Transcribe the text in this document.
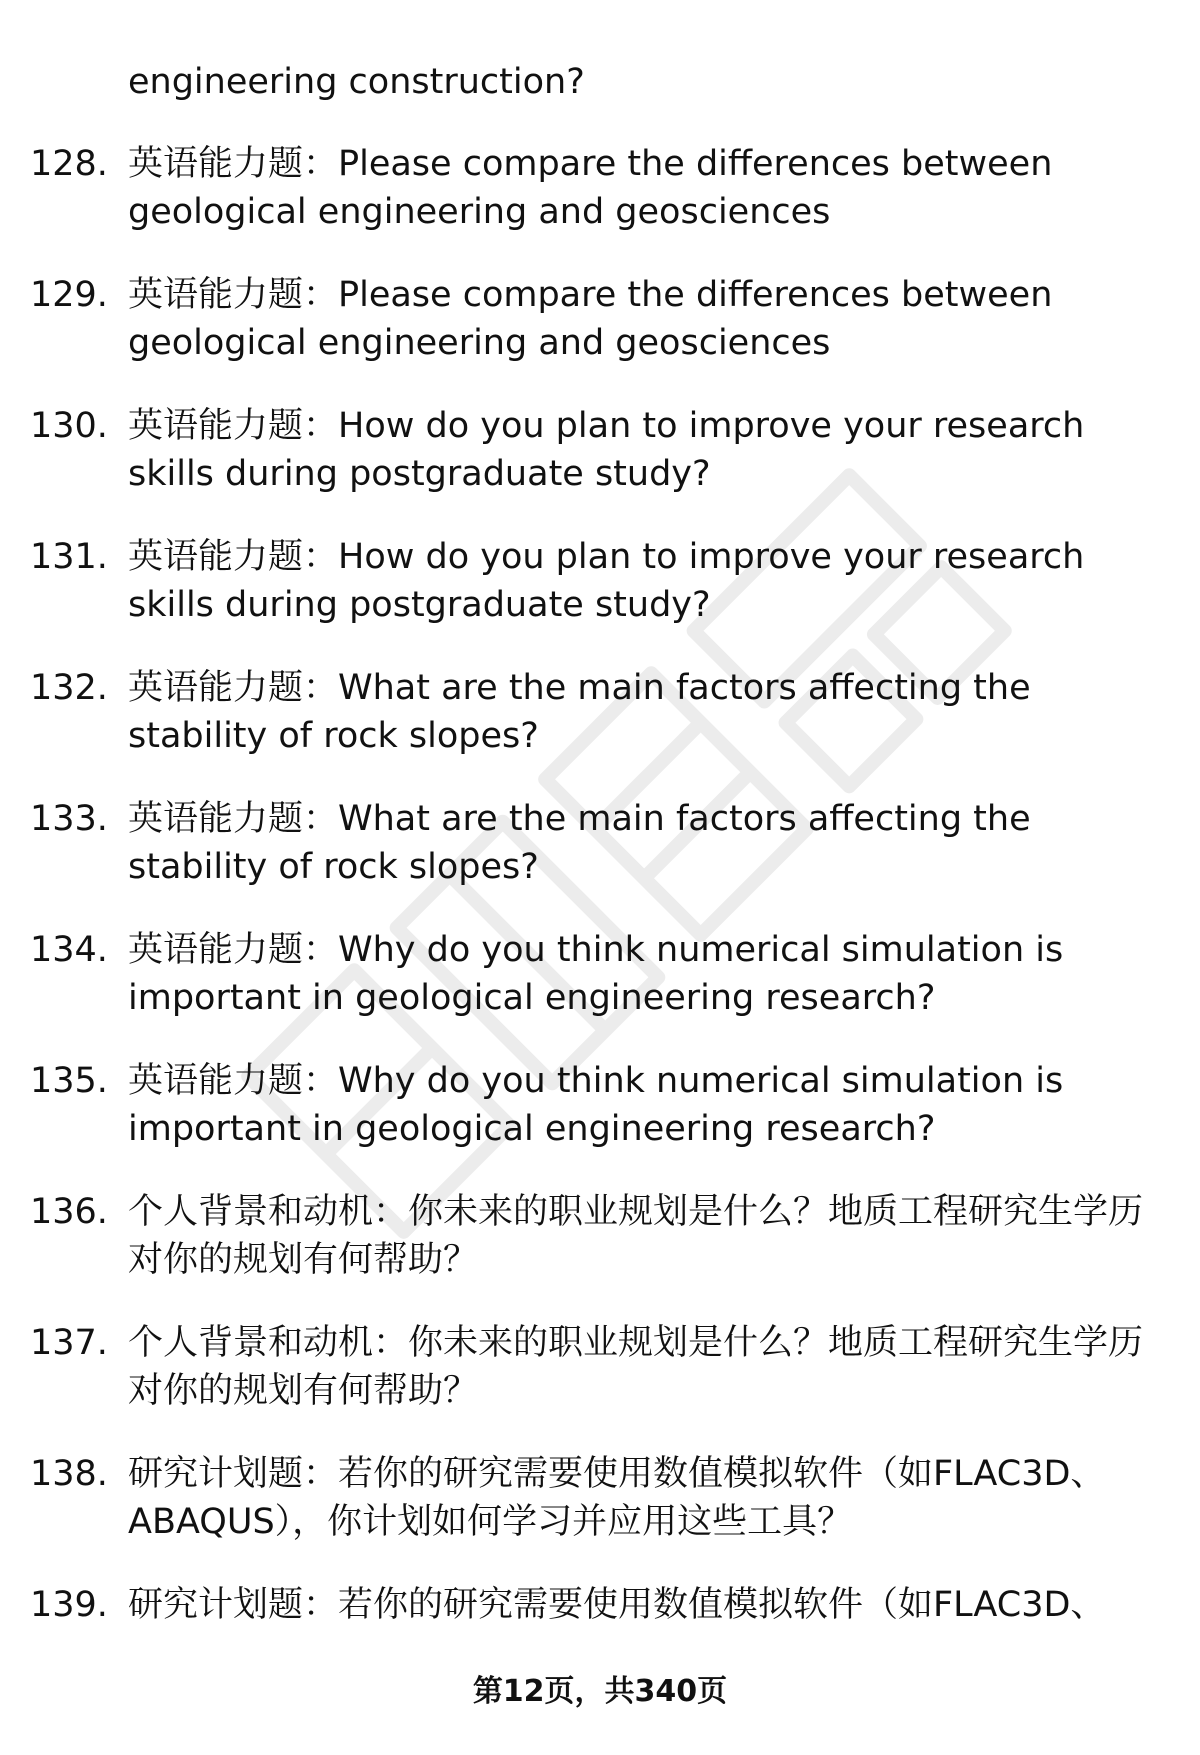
engineering construction?

128. 英语能力题：Please compare the differences between geological engineering and geosciences
129. 英语能力题：Please compare the differences between geological engineering and geosciences
130. 英语能力题：How do you plan to improve your research skills during postgraduate study?
131. 英语能力题：How do you plan to improve your research skills during postgraduate study?
132. 英语能力题：What are the main factors affecting the stability of rock slopes?
133. 英语能力题：What are the main factors affecting the stability of rock slopes?
134. 英语能力题：Why do you think numerical simulation is important in geological engineering research?
135. 英语能力题：Why do you think numerical simulation is important in geological engineering research?
136. 个人背景和动机：你未来的职业规划是什么？地质工程研究生学历对你的规划有何帮助？
137. 个人背景和动机：你未来的职业规划是什么？地质工程研究生学历对你的规划有何帮助？
138. 研究计划题：若你的研究需要使用数值模拟软件（如FLAC3D、ABAQUS），你计划如何学习并应用这些工具？
139. 研究计划题：若你的研究需要使用数值模拟软件（如FLAC3D、
第12页，共340页
